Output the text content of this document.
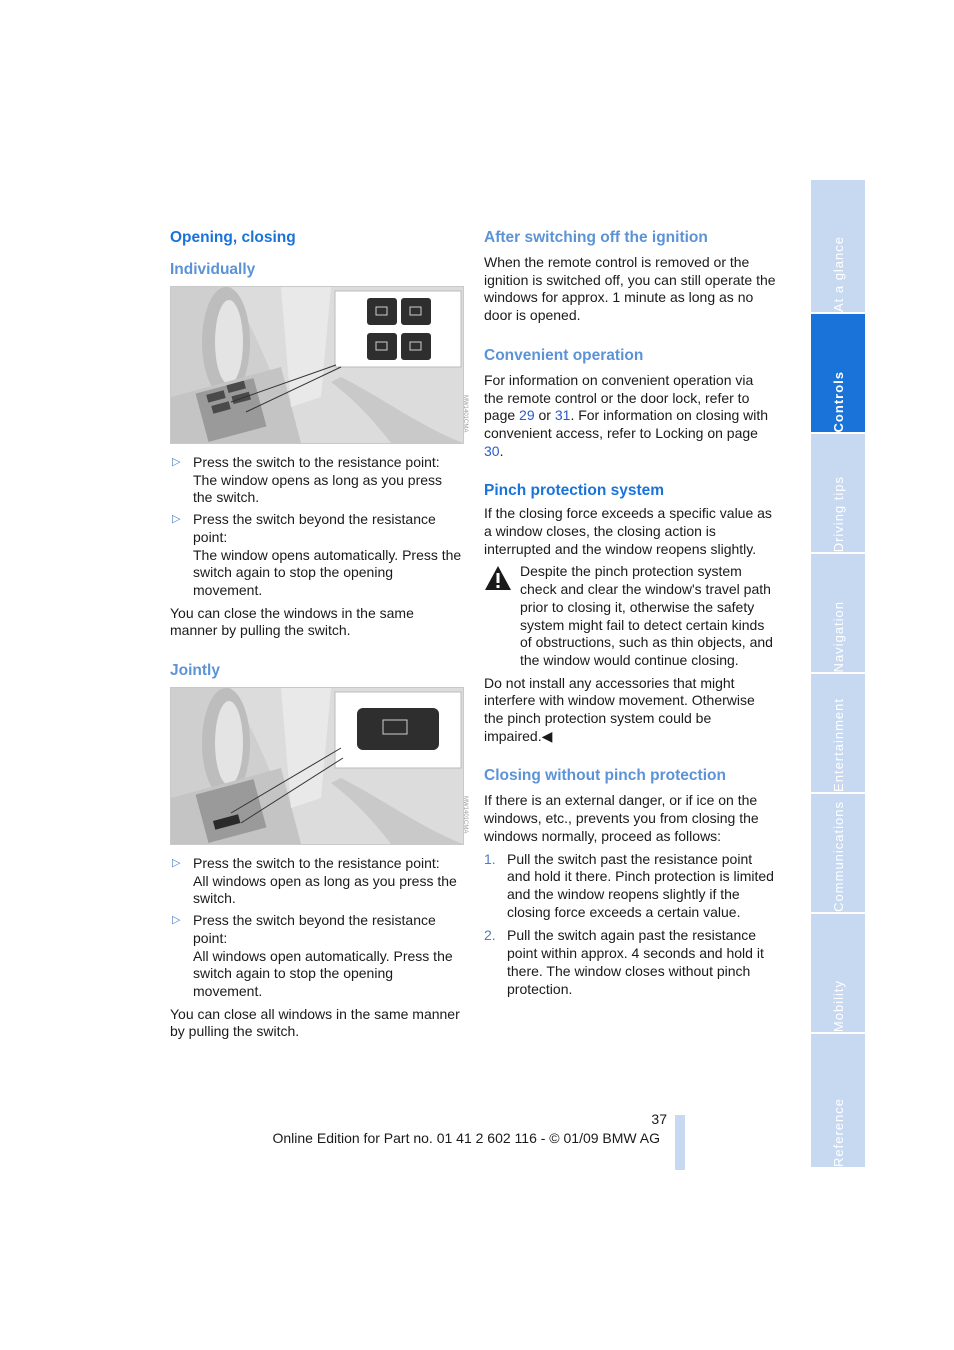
Opening, closing
Individually
MW1401CMA
▷ Press the switch to the resistance point:
The window opens as long as you press the switch.
▷ Press the switch beyond the resistance point:
The window opens automatically. Press the switch again to stop the opening movement.

You can close the windows in the same manner by pulling the switch.

Jointly
MW1401CMA
▷ Press the switch to the resistance point:
All windows open as long as you press the switch.
▷ Press the switch beyond the resistance point:
All windows open automatically. Press the switch again to stop the opening movement.

You can close all windows in the same manner by pulling the switch.

After switching off the ignition

When the remote control is removed or the ignition is switched off, you can still operate the windows for approx. 1 minute as long as no door is opened.

Convenient operation

For information on convenient operation via the remote control or the door lock, refer to page 29 or 31. For information on closing with convenient access, refer to Locking on page 30.

Pinch protection system

If the closing force exceeds a specific value as a window closes, the closing action is interrupted and the window reopens slightly.

Despite the pinch protection system check and clear the window's travel path prior to closing it, otherwise the safety system might fail to detect certain kinds of obstructions, such as thin objects, and the window would continue closing.

Do not install any accessories that might interfere with window movement. Otherwise the pinch protection system could be impaired.◀

Closing without pinch protection

If there is an external danger, or if ice on the windows, etc., prevents you from closing the windows normally, proceed as follows:

1. Pull the switch past the resistance point and hold it there. Pinch protection is limited and the window reopens slightly if the closing force exceeds a certain value.
2. Pull the switch again past the resistance point within approx. 4 seconds and hold it there. The window closes without pinch protection.
At a glance
Controls
Driving tips
Navigation
Entertainment
Communications
Mobility
Reference
37
Online Edition for Part no. 01 41 2 602 116 - © 01/09 BMW AG
